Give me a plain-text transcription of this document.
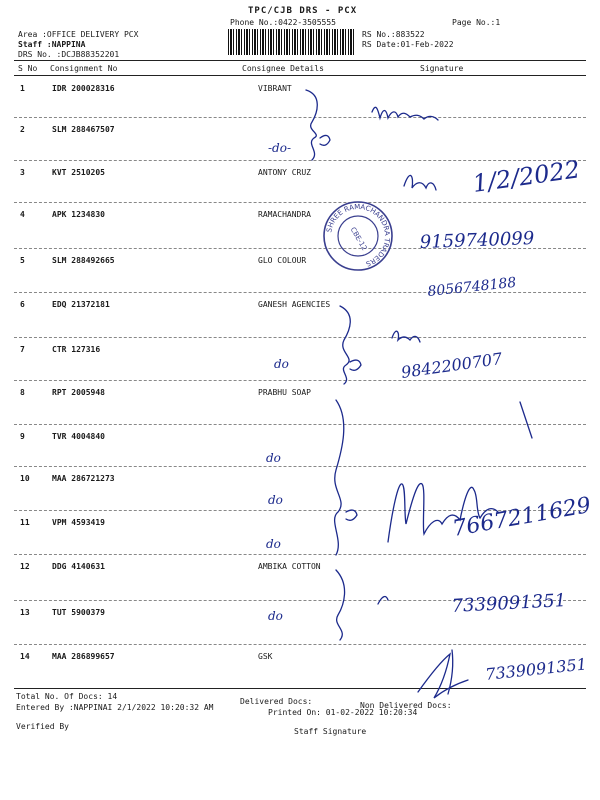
TPC/CJB DRS - PCX
Phone No.:0422-3505555	Page No.:1
Area :OFFICE DELIVERY PCX
Staff :NAPPINA
DRS No. :DCJB88352201
RS No.:883522
RS Date:01-Feb-2022
S No Consignment No	Consignee Details	Signature
1	IDR 200028316	VIBRANT
2	SLM 288467507
3	KVT 2510205	ANTONY CRUZ
4	APK 1234830	RAMACHANDRA
5	SLM 288492665	GLO COLOUR
6	EDQ 21372181	GANESH AGENCIES
7	CTR 127316
8	RPT 2005948	PRABHU SOAP
9	TVR 4004840
10	MAA 286721273
11	VPM 4593419
12	DDG 4140631	AMBIKA COTTON
13	TUT 5900379
14	MAA 286899657	GSK
Total No. Of Docs: 14
Delivered Docs:	Non Delivered Docs:
Entered By :NAPPINAI 2/1/2022 10:20:32 AM
Printed On: 01-02-2022 10:20:34
Verified By
Staff Signature
-do-
do
do
do
do
do
1/2/2022
9159740099
8056748188
9842200707
7667211629
7339091351
7339091351
SHREE RAMACHANDRA TRADERS
CBE-12
